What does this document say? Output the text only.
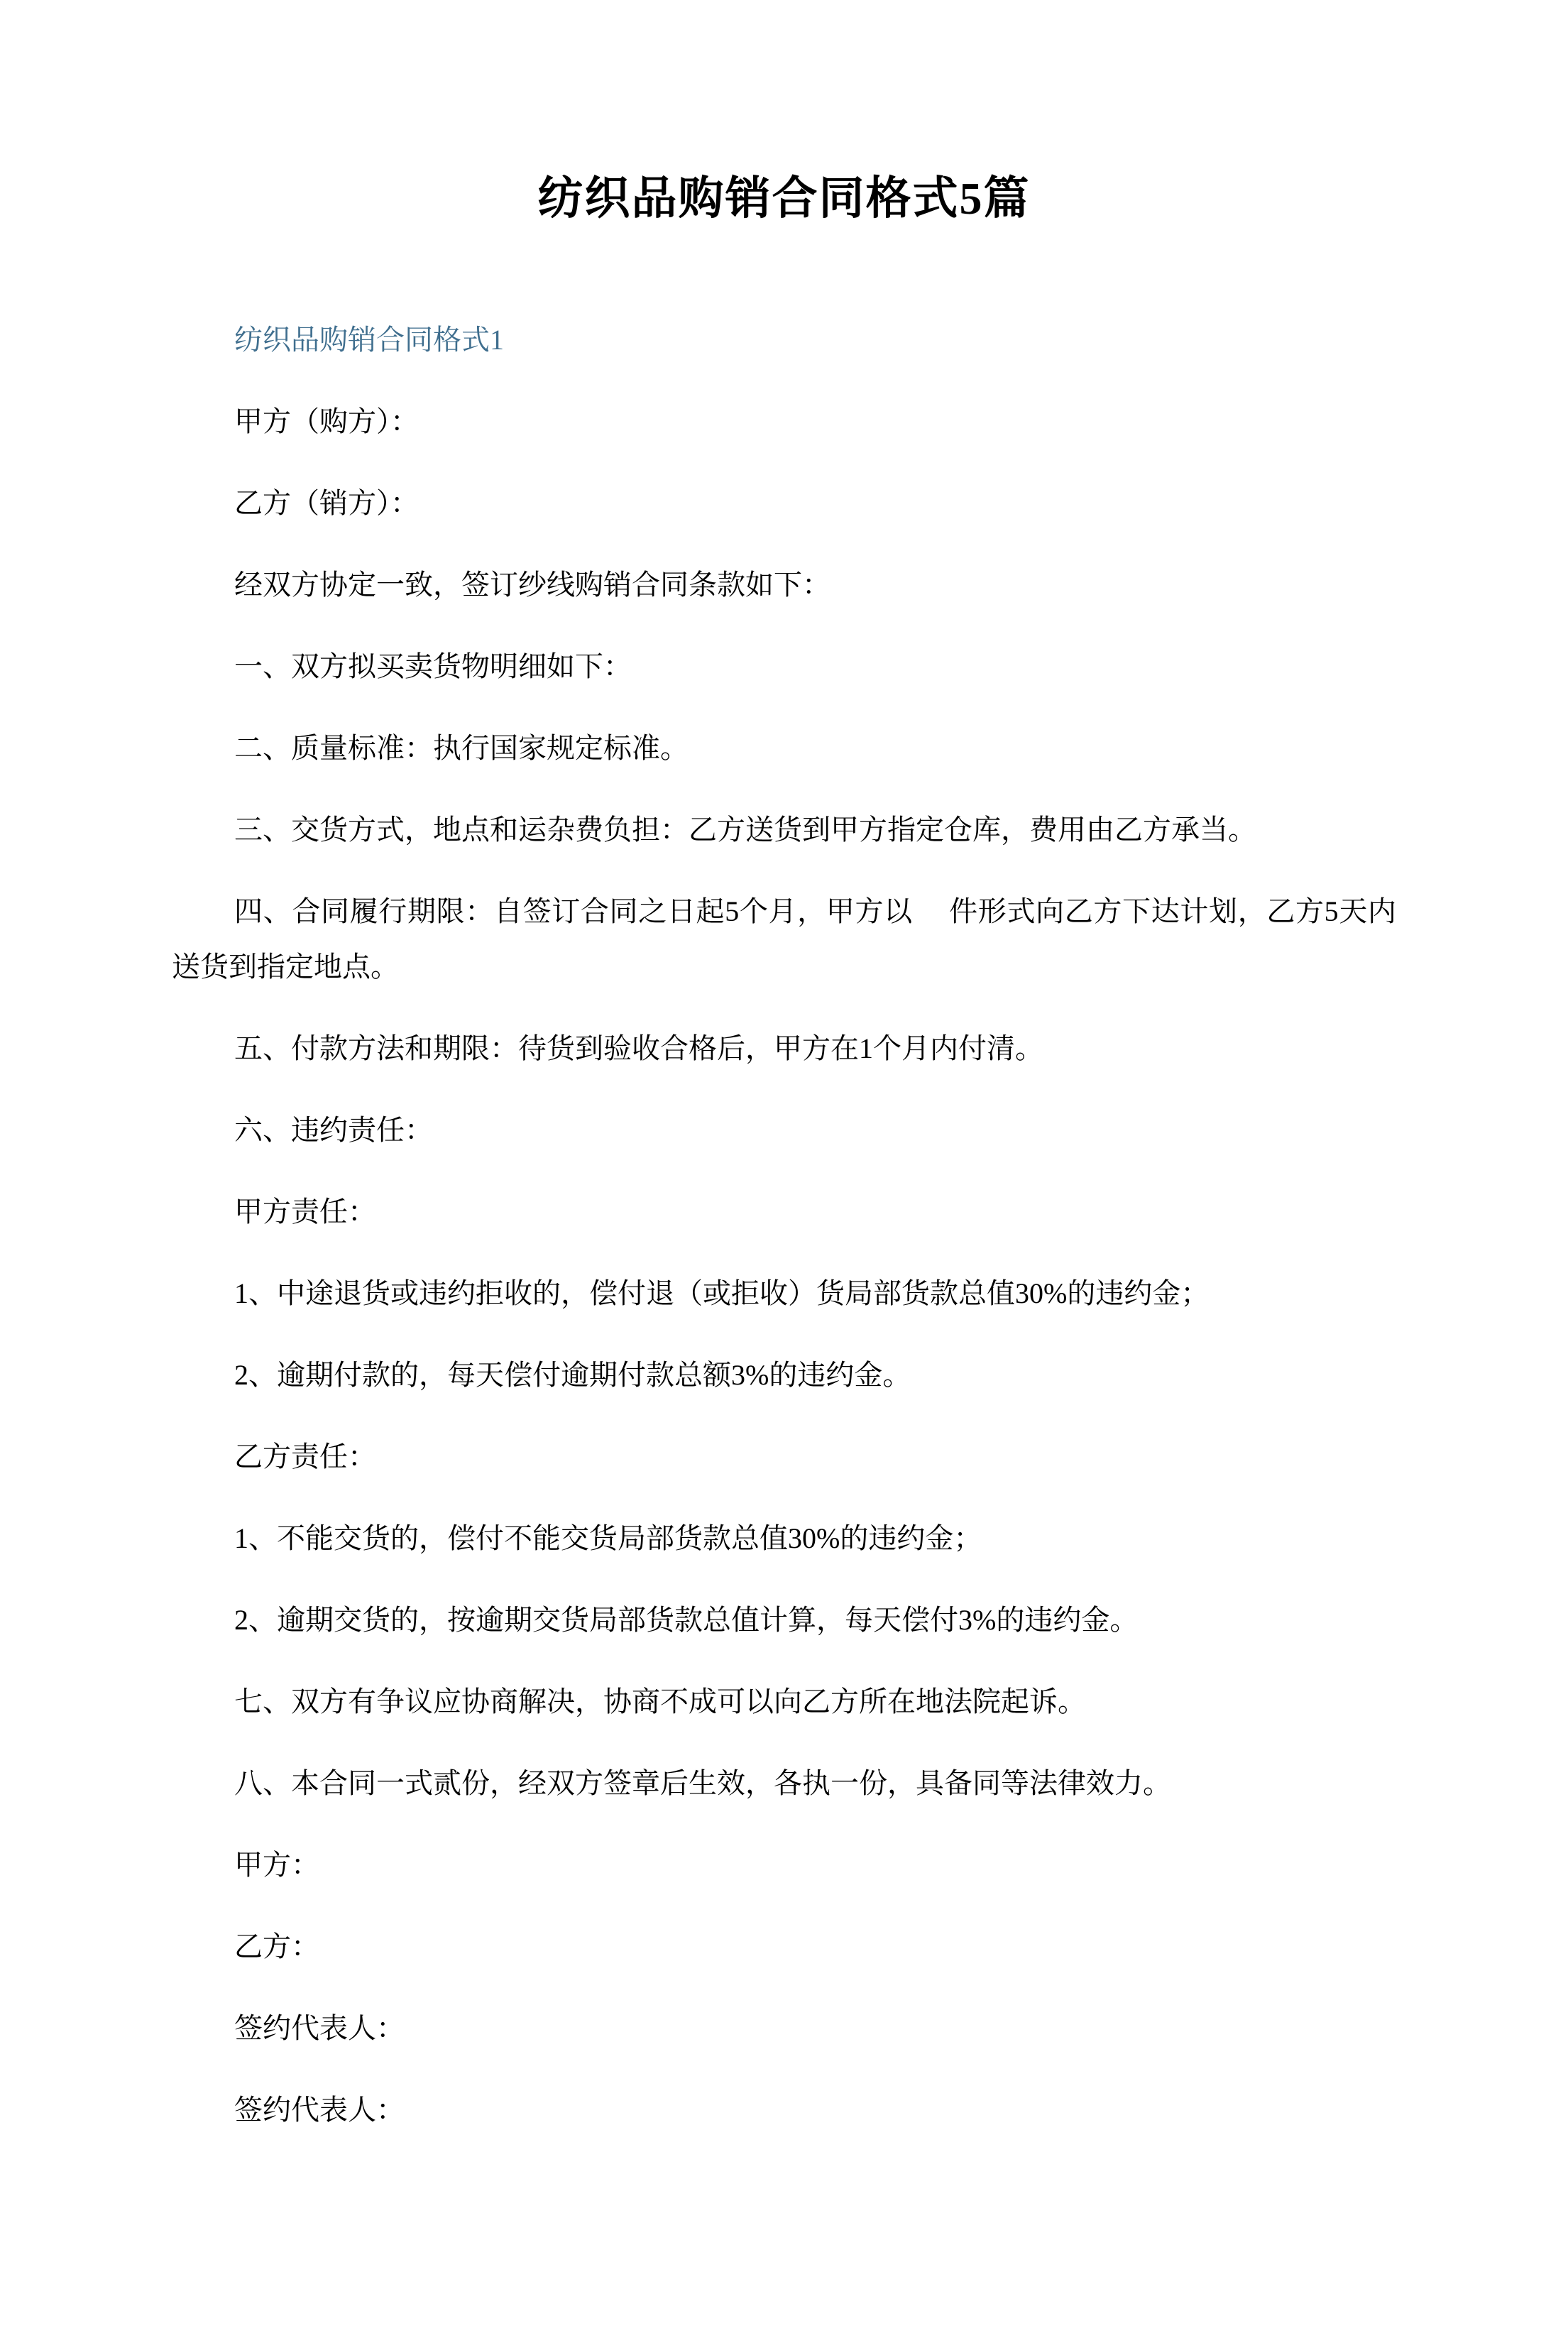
纺织品购销合同格式5篇
纺织品购销合同格式1

甲方（购方）：

乙方（销方）：

经双方协定一致，签订纱线购销合同条款如下：

一、双方拟买卖货物明细如下：

二、质量标准：执行国家规定标准。

三、交货方式，地点和运杂费负担：乙方送货到甲方指定仓库，费用由乙方承当。

四、合同履行期限：自签订合同之日起5个月，甲方以　 件形式向乙方下达计划，乙方5天内送货到指定地点。

五、付款方法和期限：待货到验收合格后，甲方在1个月内付清。

六、违约责任：

甲方责任：

1、中途退货或违约拒收的，偿付退（或拒收）货局部货款总值30%的违约金；

2、逾期付款的，每天偿付逾期付款总额3%的违约金。

乙方责任：

1、不能交货的，偿付不能交货局部货款总值30%的违约金；

2、逾期交货的，按逾期交货局部货款总值计算，每天偿付3%的违约金。

七、双方有争议应协商解决，协商不成可以向乙方所在地法院起诉。

八、本合同一式贰份，经双方签章后生效，各执一份，具备同等法律效力。

甲方：

乙方：

签约代表人：

签约代表人：
